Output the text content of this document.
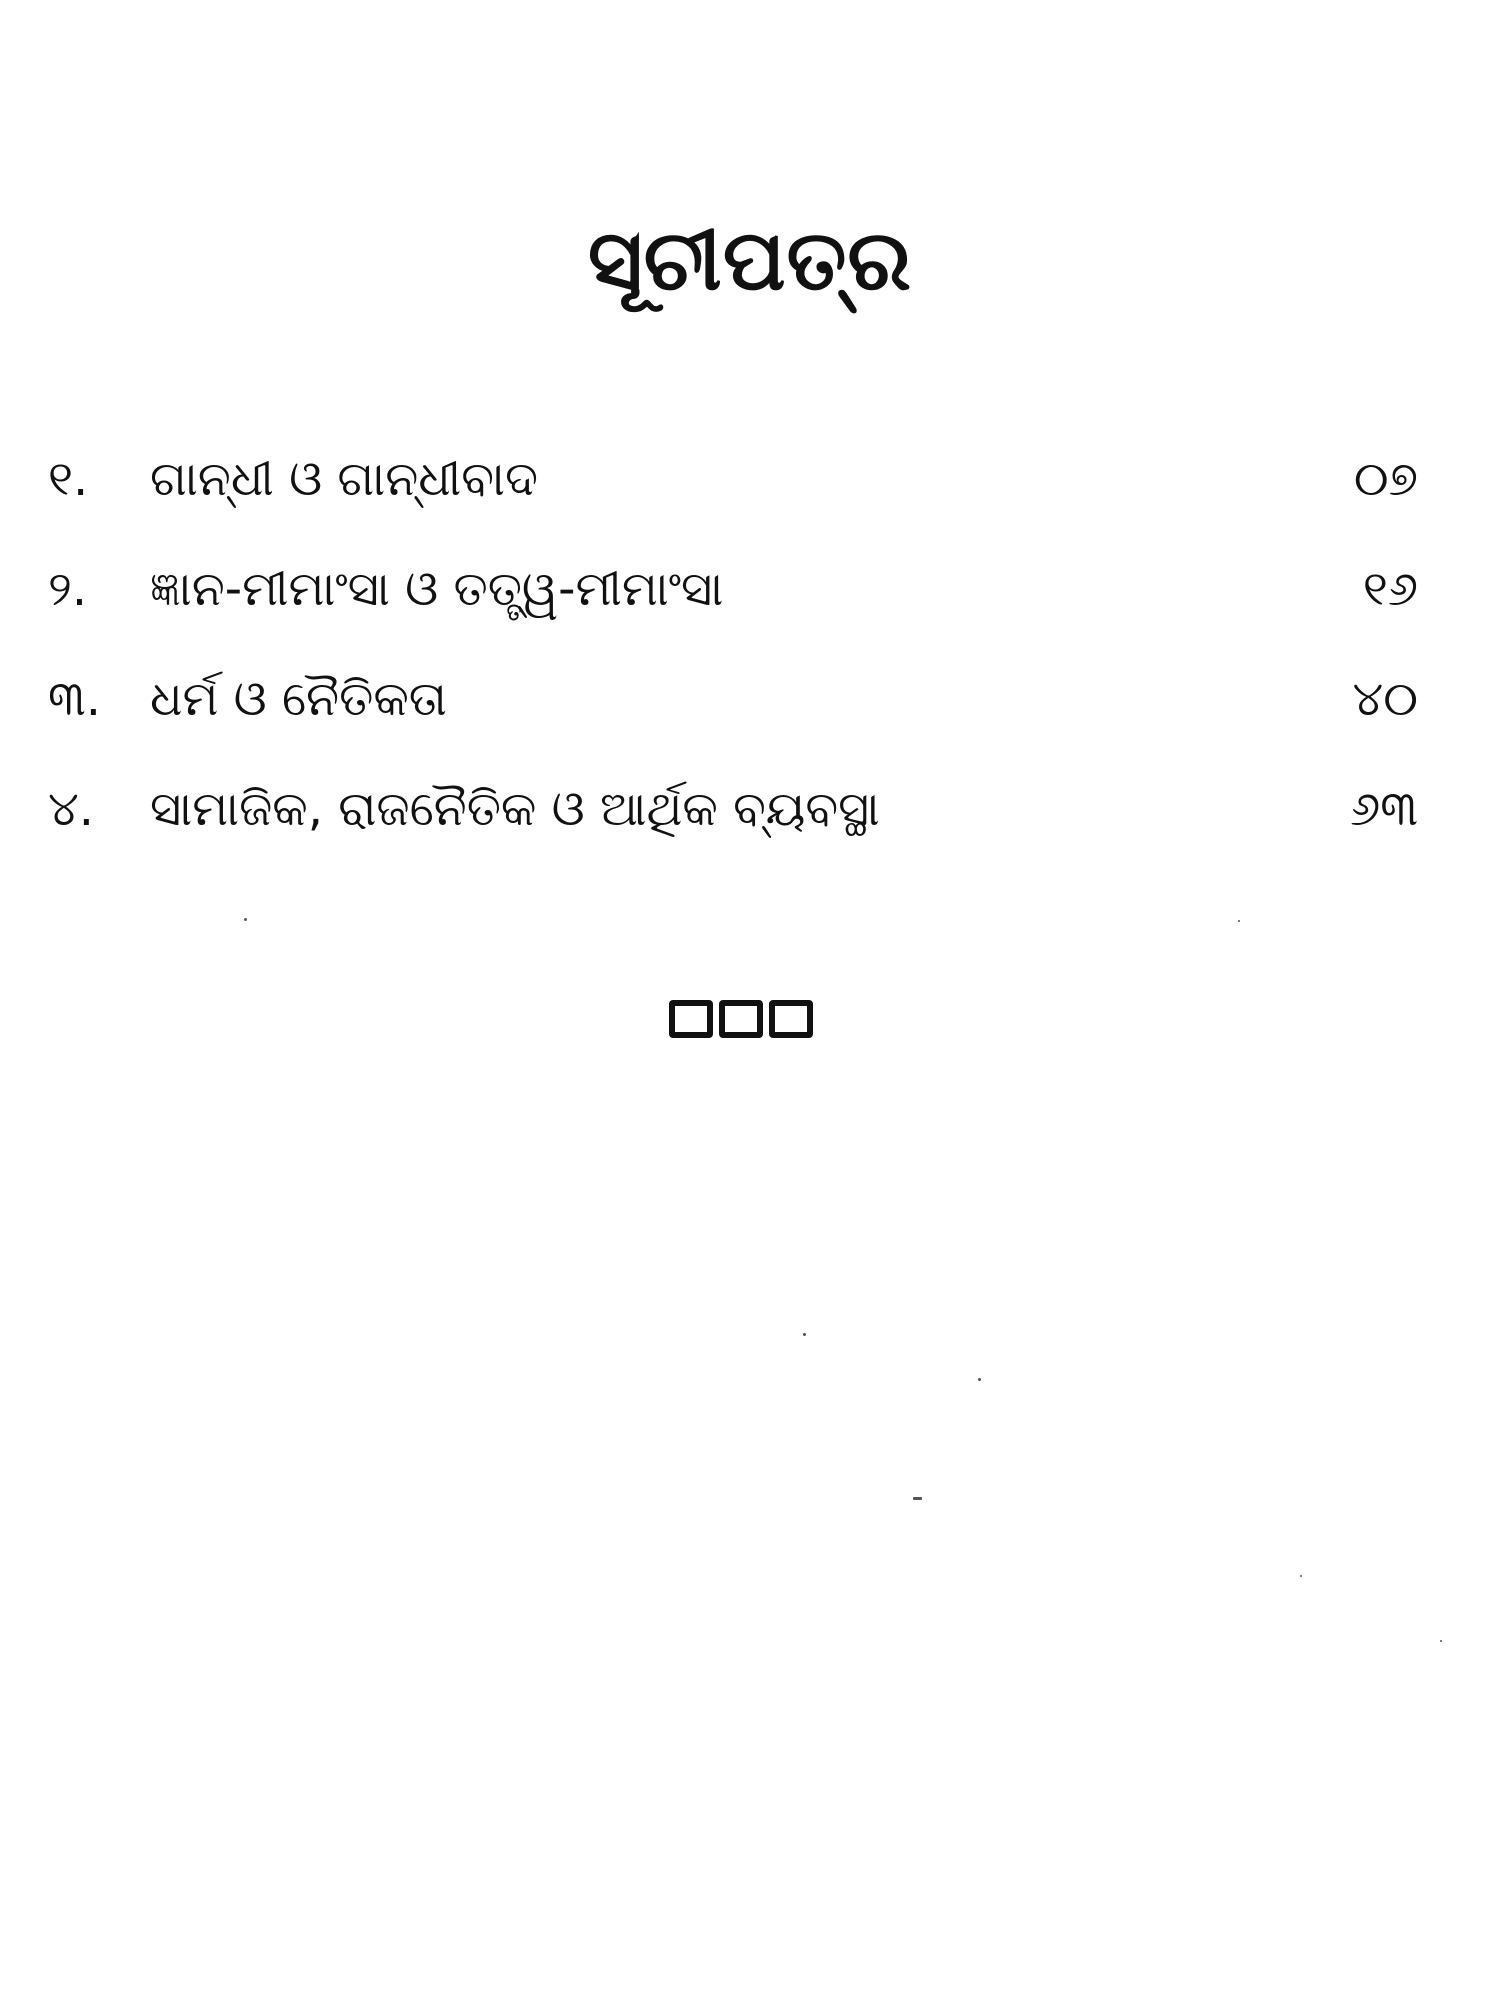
ସୂଚୀପତ୍ର
୧.	ଗାନ୍ଧୀ ଓ ଗାନ୍ଧୀବାଦ	୦୭
୨.	ଜ୍ଞାନ-ମୀମାଂସା ଓ ତତ୍ତ୍ୱ-ମୀମାଂସା	୧୬
୩.	ଧର୍ମ ଓ ନୈତିକତା	୪୦
୪.	ସାମାଜିକ, ରାଜନୈତିକ ଓ ଆର୍ଥିକ ବ୍ୟବସ୍ଥା	୬୩
